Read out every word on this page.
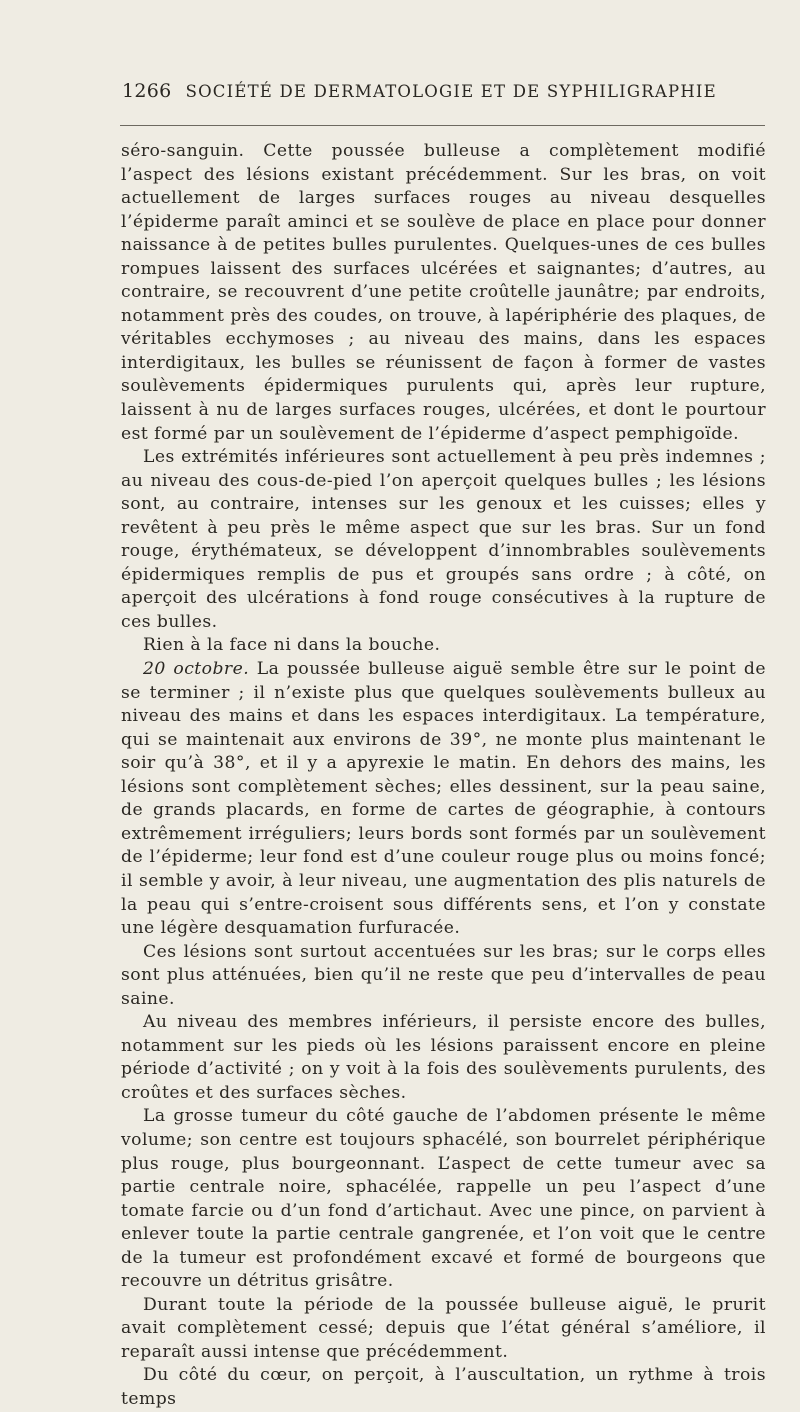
1266 SOCIÉTÉ DE DERMATOLOGIE ET DE SYPHILIGRAPHIE

séro-sanguin. Cette poussée bulleuse a complètement modifié l’aspect des lésions existant précédemment. Sur les bras, on voit actuellement de larges surfaces rouges au niveau desquelles l’épiderme paraît aminci et se soulève de place en place pour donner naissance à de petites bulles purulentes. Quelques-unes de ces bulles rompues laissent des surfaces ulcérées et saignantes; d’autres, au contraire, se recouvrent d’une petite croûtelle jaunâtre; par endroits, notamment près des coudes, on trouve, à lapériphérie des plaques, de véritables ecchymoses ; au niveau des mains, dans les espaces interdigitaux, les bulles se réunissent de façon à former de vastes soulèvements épidermiques purulents qui, après leur rupture, laissent à nu de larges surfaces rouges, ulcérées, et dont le pourtour est formé par un soulèvement de l’épiderme d’aspect pemphigoïde.

Les extrémités inférieures sont actuellement à peu près indemnes ; au niveau des cous-de-pied l’on aperçoit quelques bulles ; les lésions sont, au contraire, intenses sur les genoux et les cuisses; elles y revêtent à peu près le même aspect que sur les bras. Sur un fond rouge, érythémateux, se développent d’innombrables soulèvements épidermiques remplis de pus et groupés sans ordre ; à côté, on aperçoit des ulcérations à fond rouge consécutives à la rupture de ces bulles.

Rien à la face ni dans la bouche.

20 octobre. La poussée bulleuse aiguë semble être sur le point de se terminer ; il n’existe plus que quelques soulèvements bulleux au niveau des mains et dans les espaces interdigitaux. La température, qui se maintenait aux environs de 39°, ne monte plus maintenant le soir qu’à 38°, et il y a apyrexie le matin. En dehors des mains, les lésions sont complètement sèches; elles dessinent, sur la peau saine, de grands placards, en forme de cartes de géographie, à contours extrêmement irréguliers; leurs bords sont formés par un soulèvement de l’épiderme; leur fond est d’une couleur rouge plus ou moins foncé; il semble y avoir, à leur niveau, une augmentation des plis naturels de la peau qui s’entre-croisent sous différents sens, et l’on y constate une légère desquamation furfuracée.

Ces lésions sont surtout accentuées sur les bras; sur le corps elles sont plus atténuées, bien qu’il ne reste que peu d’intervalles de peau saine.

Au niveau des membres inférieurs, il persiste encore des bulles, notamment sur les pieds où les lésions paraissent encore en pleine période d’activité ; on y voit à la fois des soulèvements purulents, des croûtes et des surfaces sèches.

La grosse tumeur du côté gauche de l’abdomen présente le même volume; son centre est toujours sphacélé, son bourrelet périphérique plus rouge, plus bourgeonnant. L’aspect de cette tumeur avec sa partie centrale noire, sphacélée, rappelle un peu l’aspect d’une tomate farcie ou d’un fond d’artichaut. Avec une pince, on parvient à enlever toute la partie centrale gangrenée, et l’on voit que le centre de la tumeur est profondément excavé et formé de bourgeons que recouvre un détritus grisâtre.

Durant toute la période de la poussée bulleuse aiguë, le prurit avait complètement cessé; depuis que l’état général s’améliore, il reparaît aussi intense que précédemment.

Du côté du cœur, on perçoit, à l’auscultation, un rythme à trois temps
